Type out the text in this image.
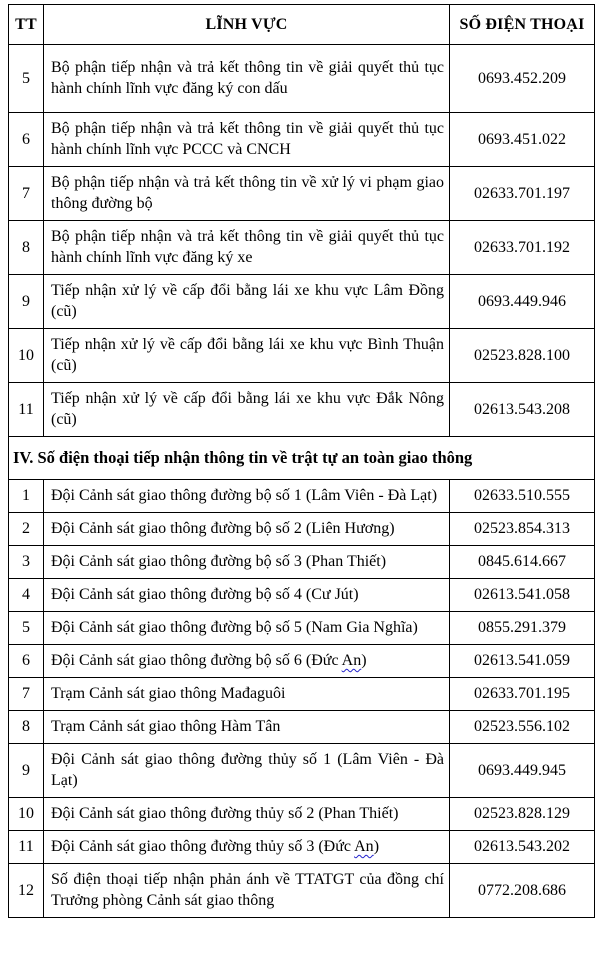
TT	LĨNH VỰC	SỐ ĐIỆN THOẠI
5	Bộ phận tiếp nhận và trả kết thông tin về giải quyết thủ tục hành chính lĩnh vực đăng ký con dấu	0693.452.209
6	Bộ phận tiếp nhận và trả kết thông tin về giải quyết thủ tục hành chính lĩnh vực PCCC và CNCH	0693.451.022
7	Bộ phận tiếp nhận và trả kết thông tin về xử lý vi phạm giao thông đường bộ	02633.701.197
8	Bộ phận tiếp nhận và trả kết thông tin về giải quyết thủ tục hành chính lĩnh vực đăng ký xe	02633.701.192
9	Tiếp nhận xử lý về cấp đổi bằng lái xe khu vực Lâm Đồng (cũ)	0693.449.946
10	Tiếp nhận xử lý về cấp đổi bằng lái xe khu vực Bình Thuận (cũ)	02523.828.100
11	Tiếp nhận xử lý về cấp đổi bằng lái xe khu vực Đắk Nông (cũ)	02613.543.208
IV. Số điện thoại tiếp nhận thông tin về trật tự an toàn giao thông		
1	Đội Cảnh sát giao thông đường bộ số 1 (Lâm Viên - Đà Lạt)	02633.510.555
2	Đội Cảnh sát giao thông đường bộ số 2 (Liên Hương)	02523.854.313
3	Đội Cảnh sát giao thông đường bộ số 3 (Phan Thiết)	0845.614.667
4	Đội Cảnh sát giao thông đường bộ số 4 (Cư Jút)	02613.541.058
5	Đội Cảnh sát giao thông đường bộ số 5 (Nam Gia Nghĩa)	0855.291.379
6	Đội Cảnh sát giao thông đường bộ số 6 (Đức An)	02613.541.059
7	Trạm Cảnh sát giao thông Mađaguôi	02633.701.195
8	Trạm Cảnh sát giao thông Hàm Tân	02523.556.102
9	Đội Cảnh sát giao thông đường thủy số 1 (Lâm Viên - Đà Lạt)	0693.449.945
10	Đội Cảnh sát giao thông đường thủy số 2 (Phan Thiết)	02523.828.129
11	Đội Cảnh sát giao thông đường thủy số 3 (Đức An)	02613.543.202
12	Số điện thoại tiếp nhận phản ánh về TTATGT của đồng chí Trưởng phòng Cảnh sát giao thông	0772.208.686
